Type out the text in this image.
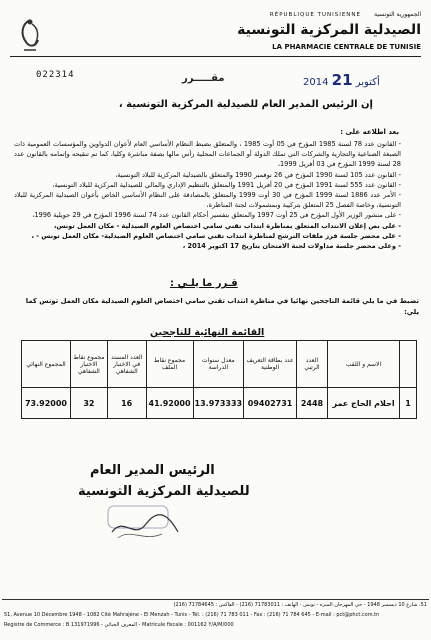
RÉPUBLIQUE TUNISIENNE الجمهورية التونسية
الصيدلية المركزية التونسية
LA PHARMACIE CENTRALE DE TUNISIE
022314	مقـــــرر	2014 21 أكتوبر
إن الرئيس المدير العام للصيدلية المركزية التونسية ،
بعد اطلاعه على :

- القانون عدد 78 لسنة 1985 المؤرخ في 05 أوت 1985 ، والمتعلق بضبط النظام الأساسي العام لأعوان الدواوين والمؤسسات العمومية ذات الصبغة الصناعية والتجارية والشركات التي تملك الدولة أو الجماعات المحلية رأس مالها بصفة مباشرة وكليا، كما تم تنقيحه وإتمامه بالقانون عدد 28 لسنة 1999 المؤرخ في 03 أفريل 1999،

- القانون عدد 105 لسنة 1990 المؤرخ في 26 نوفمبر 1990 والمتعلق بالصيدلية المركزية للبلاد التونسية،

- القانون عدد 555 لسنة 1991 المؤرخ في 20 أفريل 1991 والمتعلق بالتنظيم الإداري والمالي للصيدلية المركزية للبلاد التونسية،

- الأمر عدد 1886 لسنة 1999 المؤرخ في 30 أوت 1999 والمتعلق بالمصادقة على النظام الأساسي الخاص بأعوان الصيدلية المركزية للبلاد التونسية، وخاصة الفصل 25 المتعلق بتركيبة وبمشمولات لجنة المناظرة،

- على منشور الوزير الأول المؤرخ في 25 أوت 1997 والمتعلق بتفسير أحكام القانون عدد 74 لسنة 1996 المؤرخ في 29 جويلية 1996،

- على نص إعلان الانتداب المتعلق بمناظرة انتداب تقني سامي اختصاص العلوم الصيدلية - مكان العمل تونس،

- على محضر جلسة فرز ملفات الترشح لمناظرة انتداب تقني سامي اختصاص العلوم الصيدلية- مكان العمل تونس - ،

- وعلى محضر جلسة مداولات لجنة الامتحان بتاريخ 17 اكتوبر 2014 ،

قـرر ما يلـي :
تضبط في ما يلي قائمة الناجحين نهائيا في مناظرة انتداب تقني سامي اختصاص العلوم الصيدلية مكان العمل تونس كما يلي:
القائمة النهائية للناجحين
	الاسم و اللقب	العدد الرتبي	عدد بطاقة التعريف الوطنية	معدل سنوات الدراسة	مجموع نقاط الملف	العدد المسند في الاختبار الشفاهي	مجموع نقاط الاختبار الشفاهي	المجموع النهائي
1	احلام الحاج عمر	2448	09402731	13.973333	41.92000	16	32	73.92000
الرئيس المدير العام
للصيدلية المركزية التونسية
51، شارع 10 ديسمبر 1948 - حي المهرجان المنزه - تونس - الهاتف : 71783011 (216) - الفاكس : 71784645 (216)
51, Avenue 10 Décembre 1948 - 1082 Cité Mahrajène - El Menzah - Tunis - Tél. : (216) 71 783 011 - Fax : (216) 71 784 645 - E-mail : pct@phct.com.tn
Registre de Commerce : B 131971996 - المعرف الجبائي - Matricule fiscale : 001162 Y/A/M/000
